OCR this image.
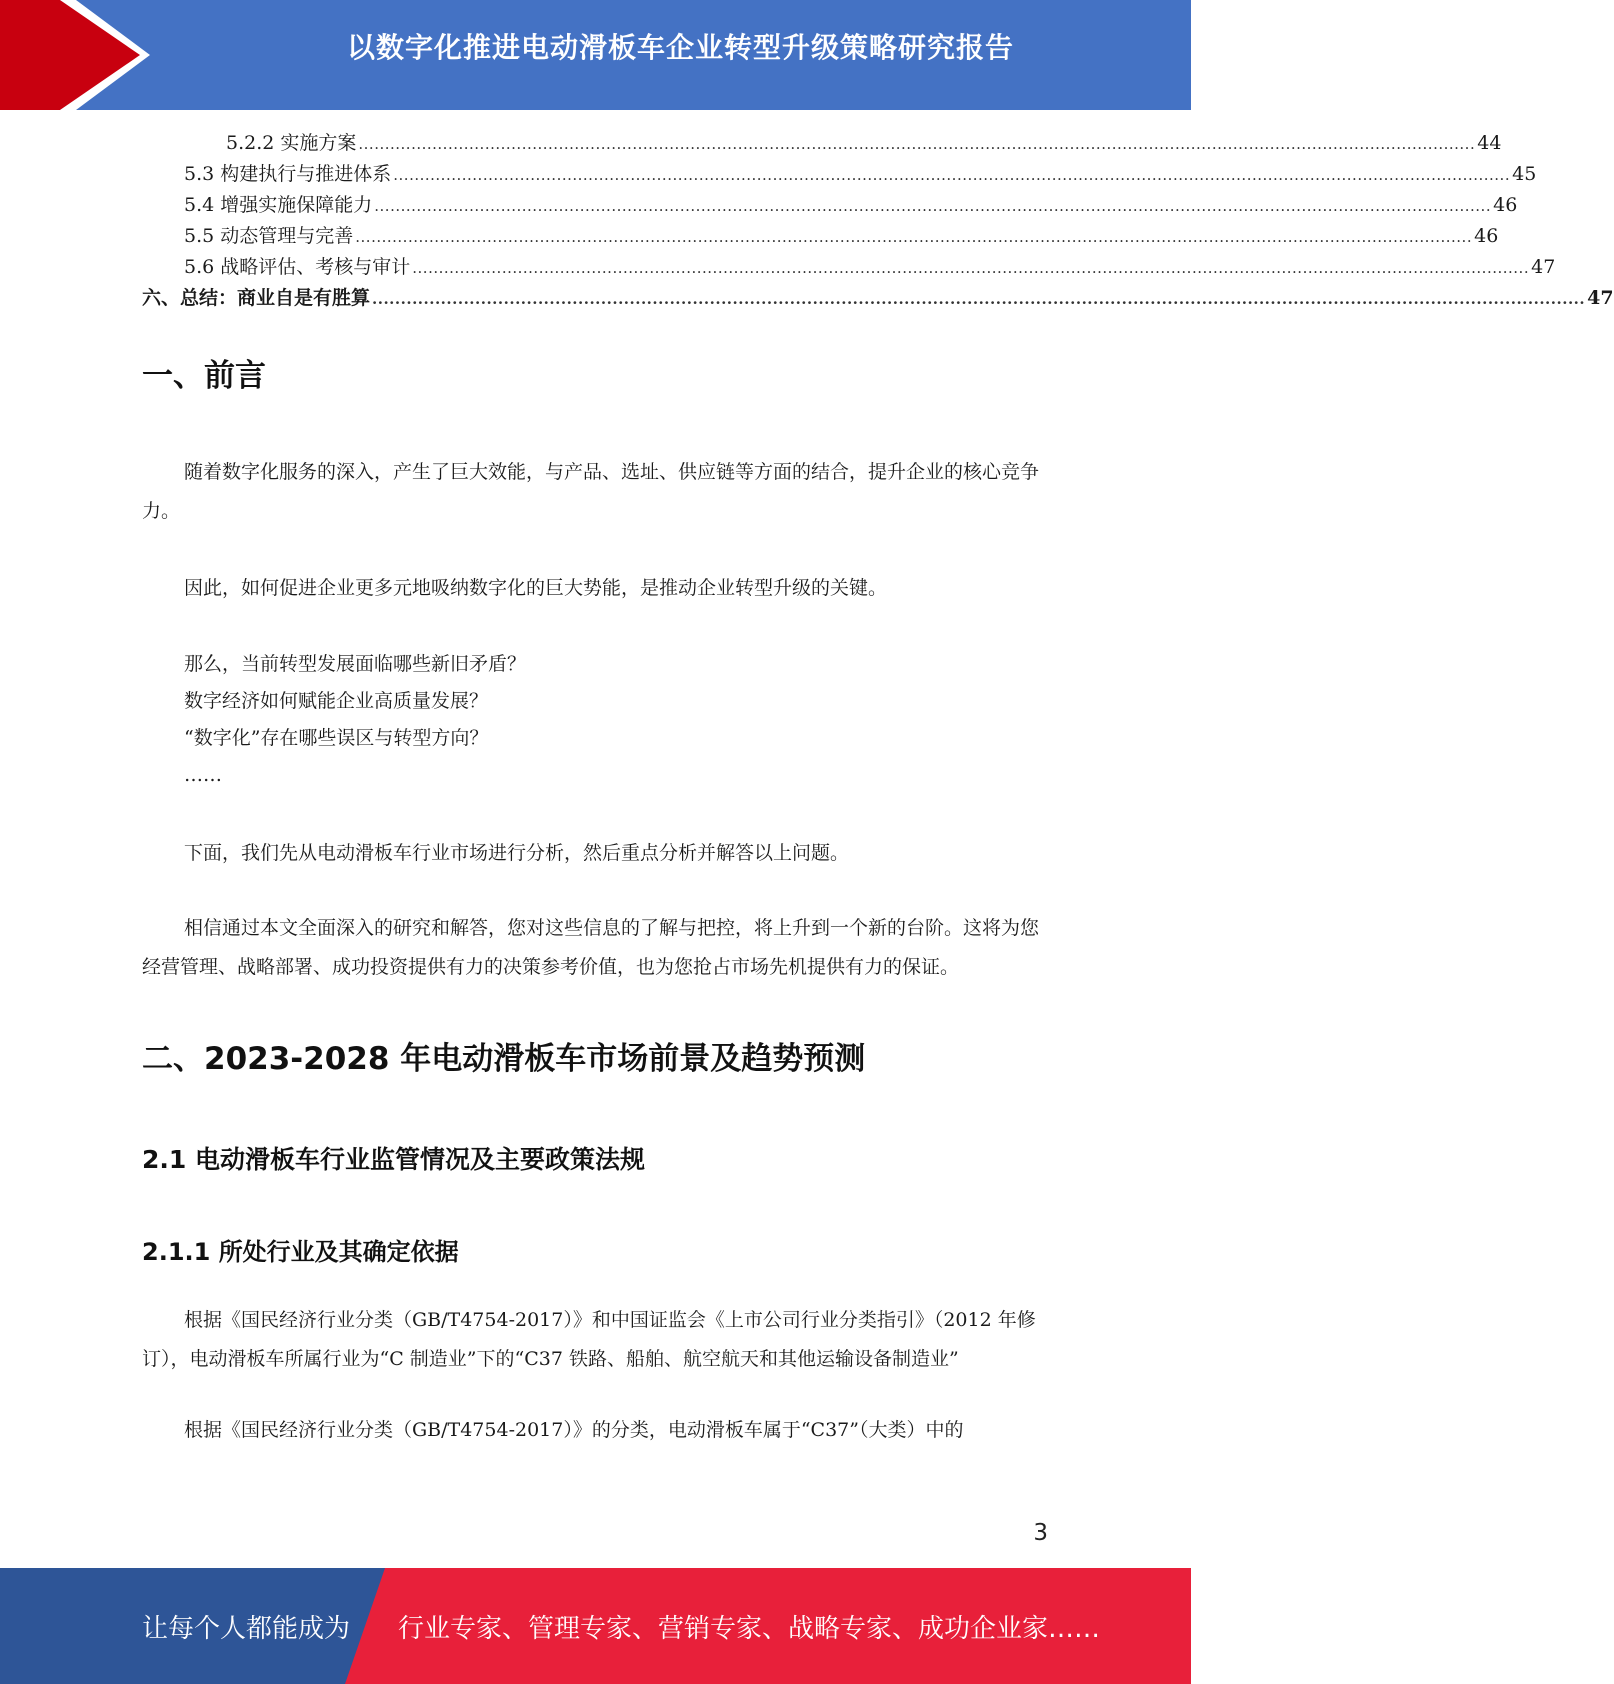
以数字化推进电动滑板车企业转型升级策略研究报告
5.2.2 实施方案 .................................................................................................................................................................................................................... 44
5.3 构建执行与推进体系 .................................................................................................................................................................................................................... 45
5.4 增强实施保障能力 .................................................................................................................................................................................................................... 46
5.5 动态管理与完善 .................................................................................................................................................................................................................... 46
5.6 战略评估、考核与审计 .................................................................................................................................................................................................................... 47
六、总结：商业自是有胜算 .................................................................................................................................................................................................................... 47
一、前言

随着数字化服务的深入，产生了巨大效能，与产品、选址、供应链等方面的结合，提升企业的核心竞争力。

因此，如何促进企业更多元地吸纳数字化的巨大势能，是推动企业转型升级的关键。

那么，当前转型发展面临哪些新旧矛盾？

数字经济如何赋能企业高质量发展？

“数字化”存在哪些误区与转型方向？

……

下面，我们先从电动滑板车行业市场进行分析，然后重点分析并解答以上问题。

相信通过本文全面深入的研究和解答，您对这些信息的了解与把控，将上升到一个新的台阶。这将为您经营管理、战略部署、成功投资提供有力的决策参考价值，也为您抢占市场先机提供有力的保证。

二、2023-2028 年电动滑板车市场前景及趋势预测
2.1 电动滑板车行业监管情况及主要政策法规
2.1.1 所处行业及其确定依据

根据《国民经济行业分类（GB/T4754-2017）》和中国证监会《上市公司行业分类指引》（2012 年修订），电动滑板车所属行业为“C 制造业”下的“C37 铁路、船舶、航空航天和其他运输设备制造业”

根据《国民经济行业分类（GB/T4754-2017）》的分类，电动滑板车属于“C37”（大类）中的

3
让每个人都能成为 行业专家、管理专家、营销专家、战略专家、成功企业家……
